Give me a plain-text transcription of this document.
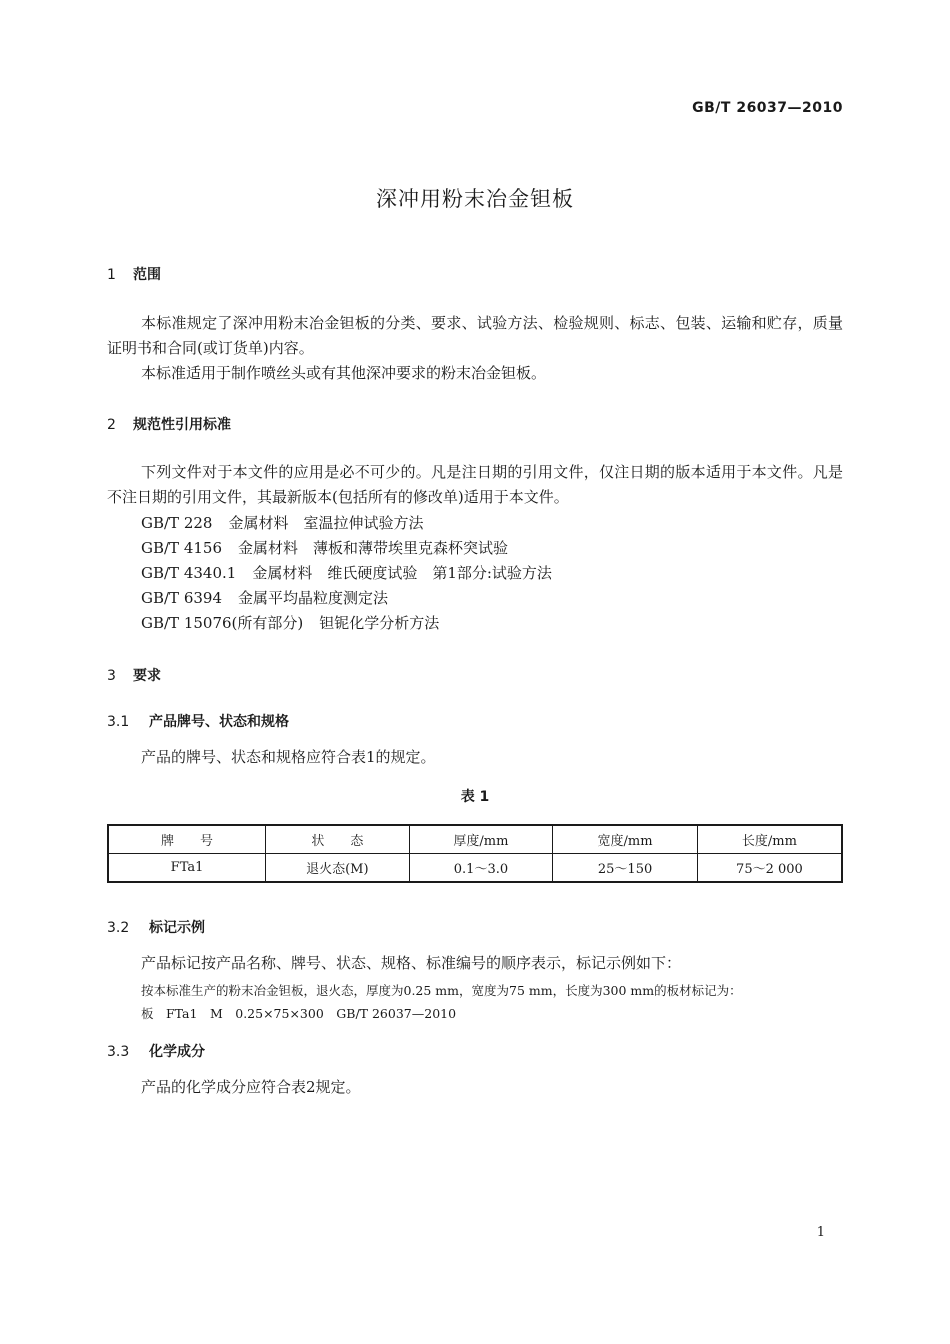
GB/T 26037—2010
深冲用粉末冶金钽板
1 范围
本标准规定了深冲用粉末冶金钽板的分类、要求、试验方法、检验规则、标志、包装、运输和贮存，质量证明书和合同(或订货单)内容。
本标准适用于制作喷丝头或有其他深冲要求的粉末冶金钽板。
2 规范性引用标准
下列文件对于本文件的应用是必不可少的。凡是注日期的引用文件，仅注日期的版本适用于本文件。凡是不注日期的引用文件，其最新版本(包括所有的修改单)适用于本文件。
GB/T 228 金属材料　室温拉伸试验方法
GB/T 4156 金属材料　薄板和薄带埃里克森杯突试验
GB/T 4340.1 金属材料　维氏硬度试验　第1部分:试验方法
GB/T 6394 金属平均晶粒度测定法
GB/T 15076(所有部分) 钽铌化学分析方法
3 要求
3.1 产品牌号、状态和规格
产品的牌号、状态和规格应符合表1的规定。
表 1
牌　　号	状　　态	厚度/mm	宽度/mm	长度/mm
FTa1	退火态(M)	0.1～3.0	25～150	75～2 000
3.2 标记示例
产品标记按产品名称、牌号、状态、规格、标准编号的顺序表示，标记示例如下：
按本标准生产的粉末冶金钽板，退火态，厚度为0.25 mm，宽度为75 mm，长度为300 mm的板材标记为：
板　FTa1　M　0.25×75×300　GB/T 26037—2010
3.3 化学成分
产品的化学成分应符合表2规定。
1
